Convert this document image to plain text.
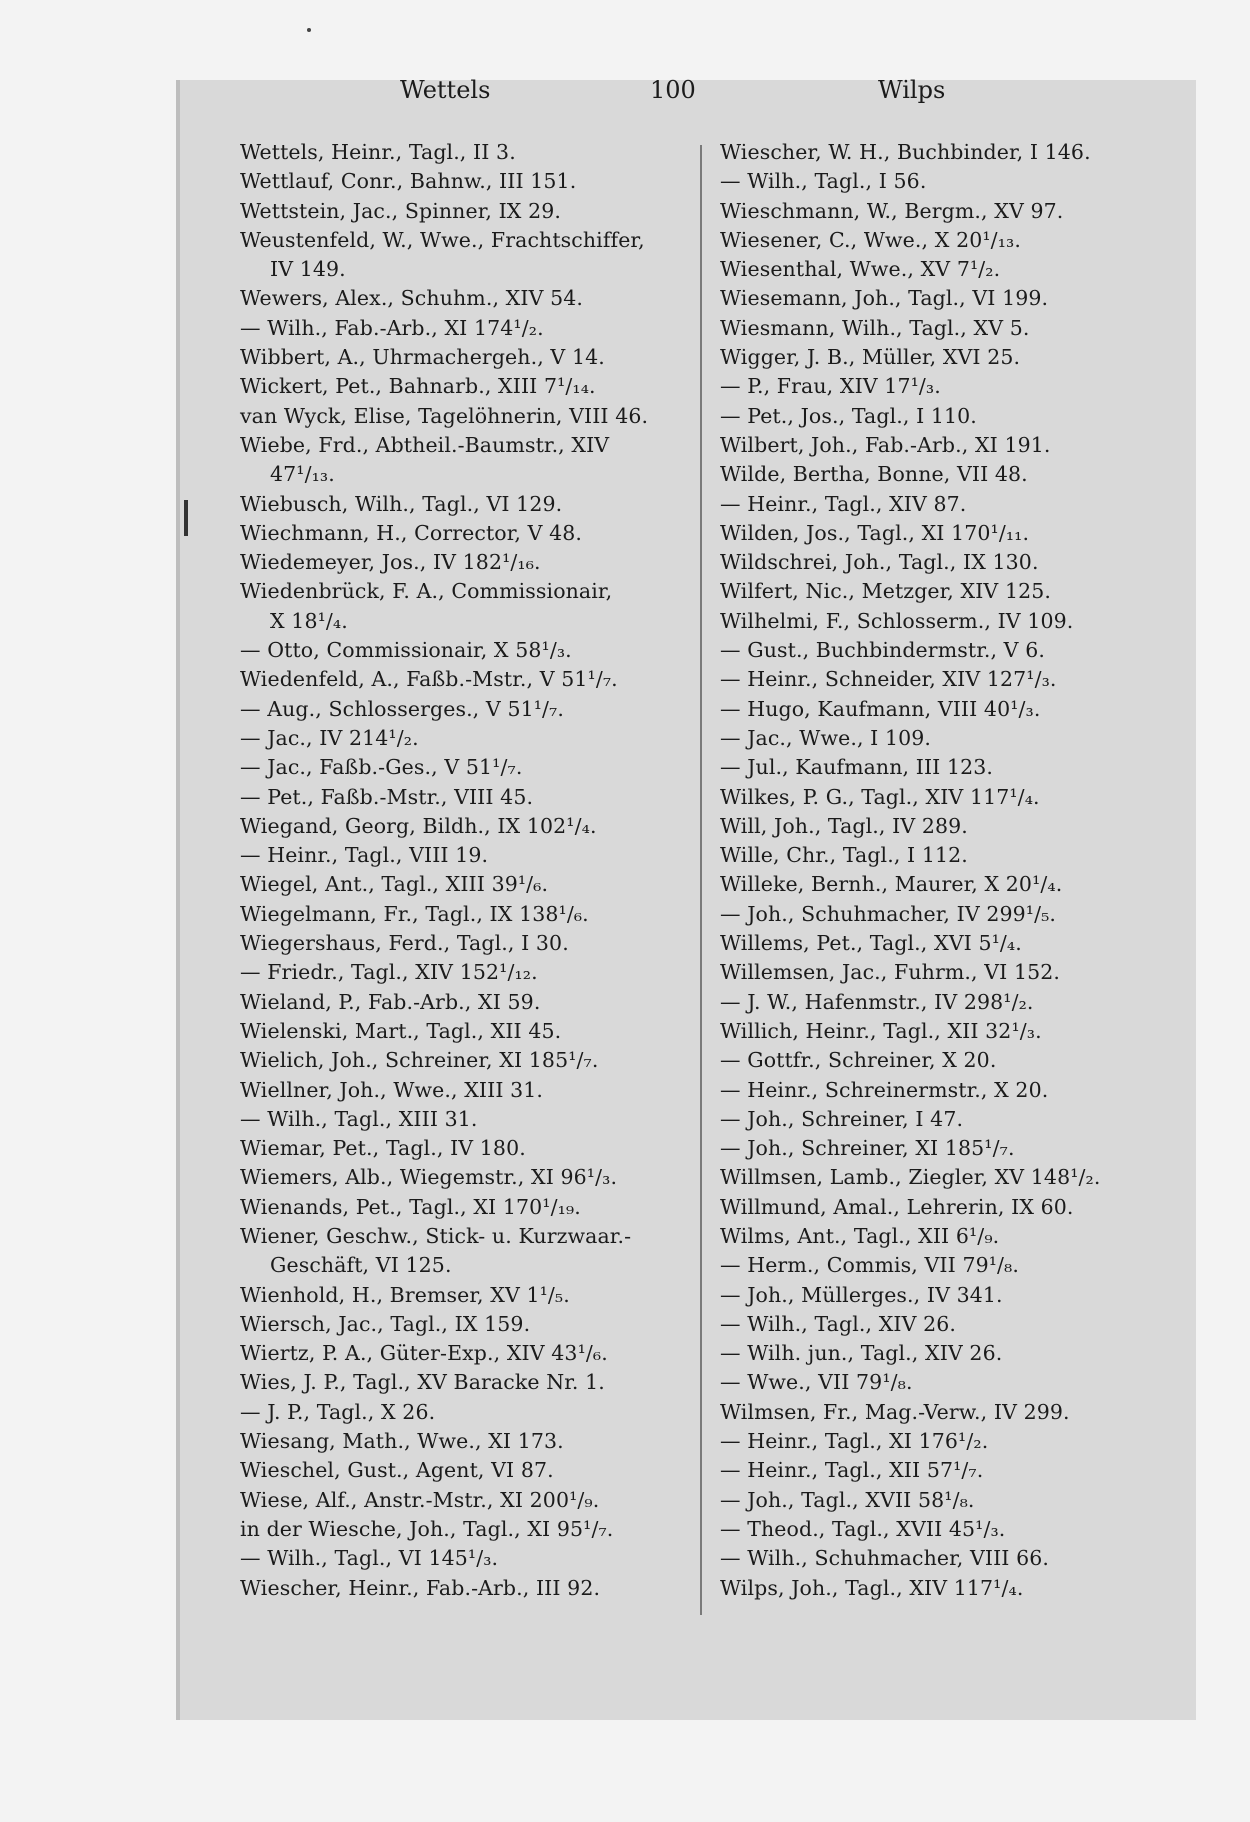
Wettels	100	Wilps
Wettels, Heinr., Tagl., II 3.
Wettlauf, Conr., Bahnw., III 151.
Wettstein, Jac., Spinner, IX 29.
Weustenfeld, W., Wwe., Frachtschiffer,
IV 149.
Wewers, Alex., Schuhm., XIV 54.
— Wilh., Fab.-Arb., XI 174¹/₂.
Wibbert, A., Uhrmachergeh., V 14.
Wickert, Pet., Bahnarb., XIII 7¹/₁₄.
van Wyck, Elise, Tagelöhnerin, VIII 46.
Wiebe, Frd., Abtheil.-Baumstr., XIV
47¹/₁₃.
Wiebusch, Wilh., Tagl., VI 129.
Wiechmann, H., Corrector, V 48.
Wiedemeyer, Jos., IV 182¹/₁₆.
Wiedenbrück, F. A., Commissionair,
X 18¹/₄.
— Otto, Commissionair, X 58¹/₃.
Wiedenfeld, A., Faßb.-Mstr., V 51¹/₇.
— Aug., Schlosserges., V 51¹/₇.
— Jac., IV 214¹/₂.
— Jac., Faßb.-Ges., V 51¹/₇.
— Pet., Faßb.-Mstr., VIII 45.
Wiegand, Georg, Bildh., IX 102¹/₄.
— Heinr., Tagl., VIII 19.
Wiegel, Ant., Tagl., XIII 39¹/₆.
Wiegelmann, Fr., Tagl., IX 138¹/₆.
Wiegershaus, Ferd., Tagl., I 30.
— Friedr., Tagl., XIV 152¹/₁₂.
Wieland, P., Fab.-Arb., XI 59.
Wielenski, Mart., Tagl., XII 45.
Wielich, Joh., Schreiner, XI 185¹/₇.
Wiellner, Joh., Wwe., XIII 31.
— Wilh., Tagl., XIII 31.
Wiemar, Pet., Tagl., IV 180.
Wiemers, Alb., Wiegemstr., XI 96¹/₃.
Wienands, Pet., Tagl., XI 170¹/₁₉.
Wiener, Geschw., Stick- u. Kurzwaar.-
Geschäft, VI 125.
Wienhold, H., Bremser, XV 1¹/₅.
Wiersch, Jac., Tagl., IX 159.
Wiertz, P. A., Güter-Exp., XIV 43¹/₆.
Wies, J. P., Tagl., XV Baracke Nr. 1.
— J. P., Tagl., X 26.
Wiesang, Math., Wwe., XI 173.
Wieschel, Gust., Agent, VI 87.
Wiese, Alf., Anstr.-Mstr., XI 200¹/₉.
in der Wiesche, Joh., Tagl., XI 95¹/₇.
— Wilh., Tagl., VI 145¹/₃.
Wiescher, Heinr., Fab.-Arb., III 92.
Wiescher, W. H., Buchbinder, I 146.
— Wilh., Tagl., I 56.
Wieschmann, W., Bergm., XV 97.
Wiesener, C., Wwe., X 20¹/₁₃.
Wiesenthal, Wwe., XV 7¹/₂.
Wiesemann, Joh., Tagl., VI 199.
Wiesmann, Wilh., Tagl., XV 5.
Wigger, J. B., Müller, XVI 25.
— P., Frau, XIV 17¹/₃.
— Pet., Jos., Tagl., I 110.
Wilbert, Joh., Fab.-Arb., XI 191.
Wilde, Bertha, Bonne, VII 48.
— Heinr., Tagl., XIV 87.
Wilden, Jos., Tagl., XI 170¹/₁₁.
Wildschrei, Joh., Tagl., IX 130.
Wilfert, Nic., Metzger, XIV 125.
Wilhelmi, F., Schlosserm., IV 109.
— Gust., Buchbindermstr., V 6.
— Heinr., Schneider, XIV 127¹/₃.
— Hugo, Kaufmann, VIII 40¹/₃.
— Jac., Wwe., I 109.
— Jul., Kaufmann, III 123.
Wilkes, P. G., Tagl., XIV 117¹/₄.
Will, Joh., Tagl., IV 289.
Wille, Chr., Tagl., I 112.
Willeke, Bernh., Maurer, X 20¹/₄.
— Joh., Schuhmacher, IV 299¹/₅.
Willems, Pet., Tagl., XVI 5¹/₄.
Willemsen, Jac., Fuhrm., VI 152.
— J. W., Hafenmstr., IV 298¹/₂.
Willich, Heinr., Tagl., XII 32¹/₃.
— Gottfr., Schreiner, X 20.
— Heinr., Schreinermstr., X 20.
— Joh., Schreiner, I 47.
— Joh., Schreiner, XI 185¹/₇.
Willmsen, Lamb., Ziegler, XV 148¹/₂.
Willmund, Amal., Lehrerin, IX 60.
Wilms, Ant., Tagl., XII 6¹/₉.
— Herm., Commis, VII 79¹/₈.
— Joh., Müllerges., IV 341.
— Wilh., Tagl., XIV 26.
— Wilh. jun., Tagl., XIV 26.
— Wwe., VII 79¹/₈.
Wilmsen, Fr., Mag.-Verw., IV 299.
— Heinr., Tagl., XI 176¹/₂.
— Heinr., Tagl., XII 57¹/₇.
— Joh., Tagl., XVII 58¹/₈.
— Theod., Tagl., XVII 45¹/₃.
— Wilh., Schuhmacher, VIII 66.
Wilps, Joh., Tagl., XIV 117¹/₄.
